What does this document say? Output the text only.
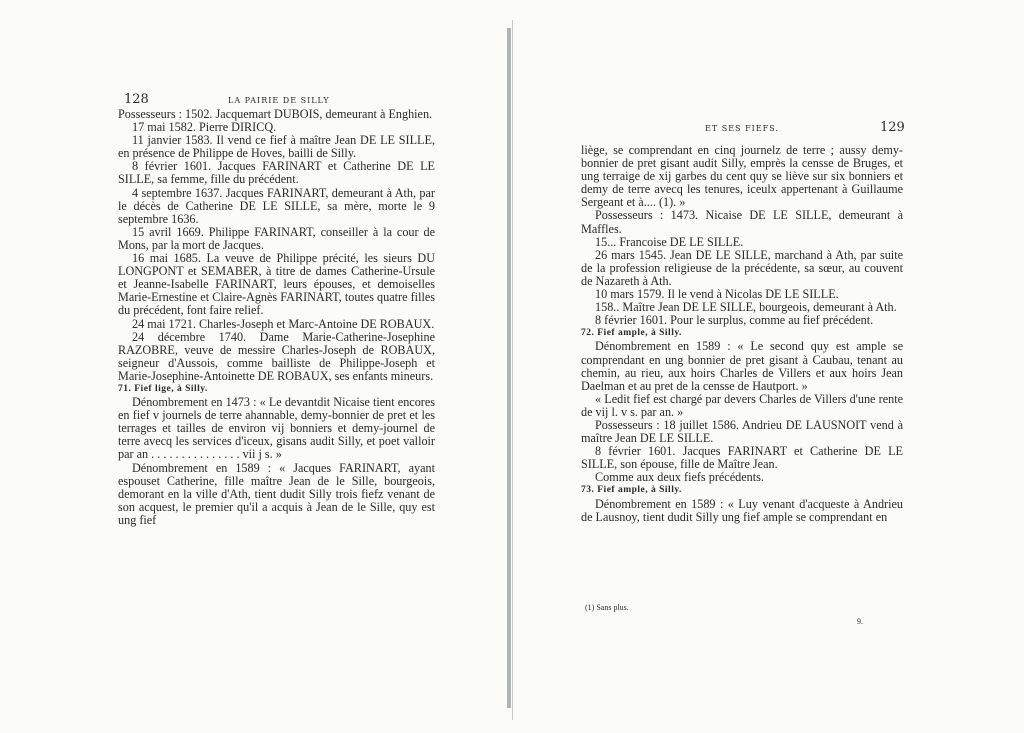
128	LA PAIRIE DE SILLY

Possesseurs : 1502. Jacquemart DUBOIS, demeurant à Enghien.

17 mai 1582. Pierre DIRICQ.

11 janvier 1583. Il vend ce fief à maître Jean DE LE SILLE, en présence de Philippe de Hoves, bailli de Silly.

8 février 1601. Jacques FARINART et Catherine DE LE SILLE, sa femme, fille du précédent.

4 septembre 1637. Jacques FARINART, demeurant à Ath, par le décès de Catherine DE LE SILLE, sa mère, morte le 9 septembre 1636.

15 avril 1669. Philippe FARINART, conseiller à la cour de Mons, par la mort de Jacques.

16 mai 1685. La veuve de Philippe précité, les sieurs DU LONGPONT et SEMABER, à titre de dames Catherine-Ursule et Jeanne-Isabelle FARINART, leurs épouses, et demoiselles Marie-Ernestine et Claire-Agnès FARINART, toutes quatre filles du précédent, font faire relief.

24 mai 1721. Charles-Joseph et Marc-Antoine DE ROBAUX.

24 décembre 1740. Dame Marie-Catherine-Josephine RAZOBRE, veuve de messire Charles-Joseph de ROBAUX, seigneur d'Aussois, comme bailliste de Philippe-Joseph et Marie-Josephine-Antoinette DE ROBAUX, ses enfants mineurs.

71. Fief lige, à Silly.

Dénombrement en 1473 : « Le devantdit Nicaise tient encores en fief v journels de terre ahannable, demy-bonnier de pret et les terrages et tailles de environ vij bonniers et demy-journel de terre avecq les services d'iceux, gisans audit Silly, et poet valloir par an . . . . . . . . . . . . . . . vii j s. »

Dénombrement en 1589 : « Jacques FARINART, ayant espouset Catherine, fille maître Jean de le Sille, bourgeois, demorant en la ville d'Ath, tient dudit Silly trois fiefz venant de son acquest, le premier qu'il a acquis à Jean de le Sille, quy est ung fief

ET SES FIEFS.	129

liège, se comprendant en cinq journelz de terre ; aussy demy-bonnier de pret gisant audit Silly, emprès la censse de Bruges, et ung terraige de xij garbes du cent quy se liève sur six bonniers et demy de terre avecq les tenures, iceulx appertenant à Guillaume Sergeant et à.... (1). »

Possesseurs : 1473. Nicaise DE LE SILLE, demeurant à Maffles.

15... Francoise DE LE SILLE.

26 mars 1545. Jean DE LE SILLE, marchand à Ath, par suite de la profession religieuse de la précédente, sa sœur, au couvent de Nazareth à Ath.

10 mars 1579. Il le vend à Nicolas DE LE SILLE.

158.. Maître Jean DE LE SILLE, bourgeois, demeurant à Ath.

8 février 1601. Pour le surplus, comme au fief précédent.

72. Fief ample, à Silly.

Dénombrement en 1589 : « Le second quy est ample se comprendant en ung bonnier de pret gisant à Caubau, tenant au chemin, au rieu, aux hoirs Charles de Villers et aux hoirs Jean Daelman et au pret de la censse de Hautport. »

« Ledit fief est chargé par devers Charles de Villers d'une rente de vij l. v s. par an. »

Possesseurs : 18 juillet 1586. Andrieu DE LAUSNOIT vend à maître Jean DE LE SILLE.

8 février 1601. Jacques FARINART et Catherine DE LE SILLE, son épouse, fille de Maître Jean.

Comme aux deux fiefs précédents.

73. Fief ample, à Silly.

Dénombrement en 1589 : « Luy venant d'acqueste à Andrieu de Lausnoy, tient dudit Silly ung fief ample se comprendant en

(1) Sans plus.
9.
